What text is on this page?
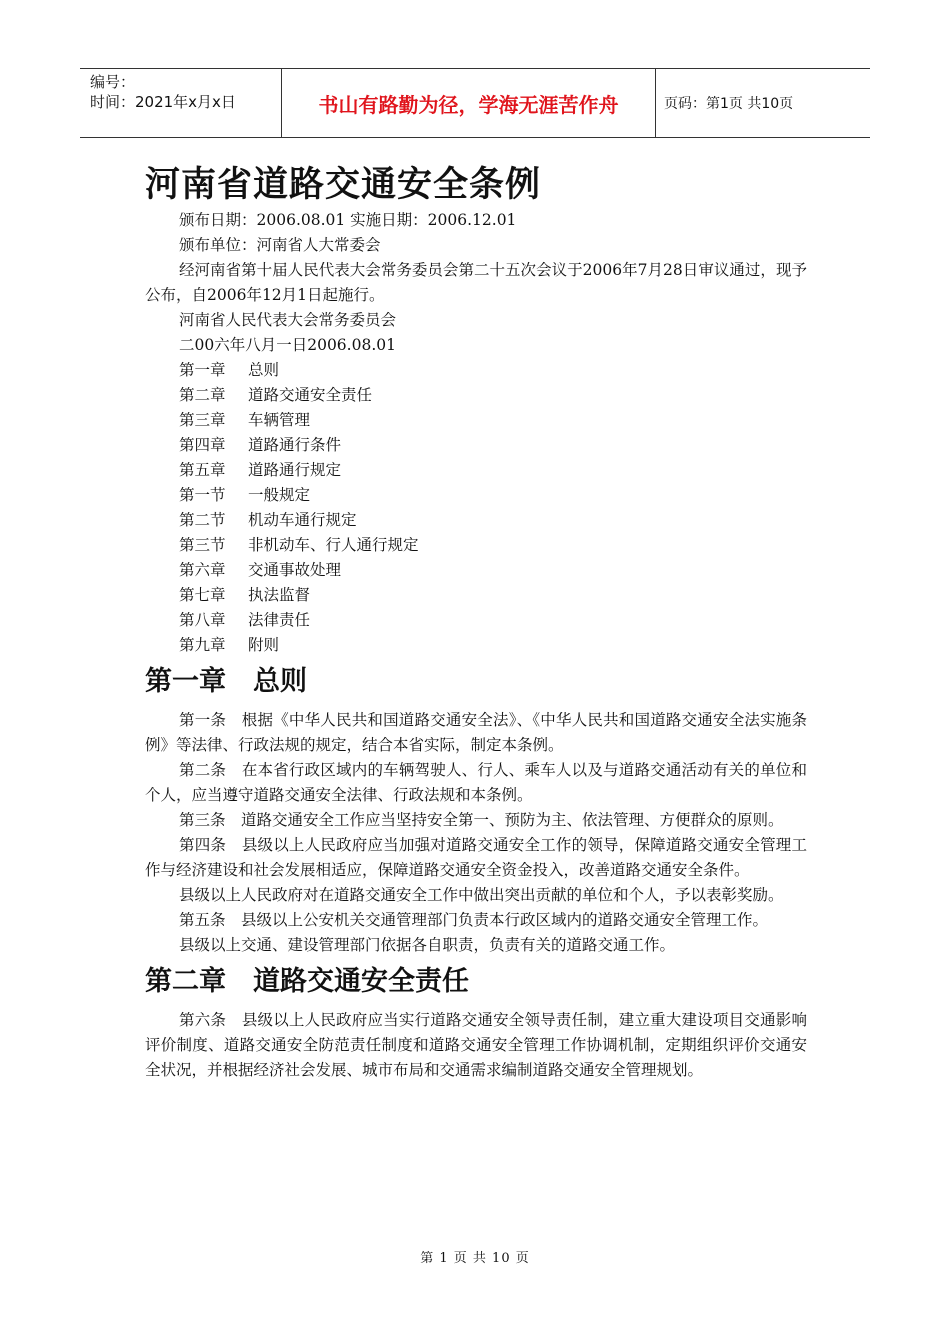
编号：
时间：2021年x月x日	书山有路勤为径，学海无涯苦作舟	页码：第1页 共10页
河南省道路交通安全条例

颁布日期：2006.08.01 实施日期：2006.12.01

颁布单位：河南省人大常委会

经河南省第十届人民代表大会常务委员会第二十五次会议于2006年7月28日审议通过，现予公布，自2006年12月1日起施行。

河南省人民代表大会常务委员会

二00六年八月一日2006.08.01

第一章 总则
第二章 道路交通安全责任
第三章 车辆管理
第四章 道路通行条件
第五章 道路通行规定
第一节 一般规定
第二节 机动车通行规定
第三节 非机动车、行人通行规定
第六章 交通事故处理
第七章 执法监督
第八章 法律责任
第九章 附则
第一章　总则

第一条　根据《中华人民共和国道路交通安全法》、《中华人民共和国道路交通安全法实施条例》等法律、行政法规的规定，结合本省实际，制定本条例。

第二条　在本省行政区域内的车辆驾驶人、行人、乘车人以及与道路交通活动有关的单位和个人，应当遵守道路交通安全法律、行政法规和本条例。

第三条　道路交通安全工作应当坚持安全第一、预防为主、依法管理、方便群众的原则。

第四条　县级以上人民政府应当加强对道路交通安全工作的领导，保障道路交通安全管理工作与经济建设和社会发展相适应，保障道路交通安全资金投入，改善道路交通安全条件。

县级以上人民政府对在道路交通安全工作中做出突出贡献的单位和个人，予以表彰奖励。

第五条　县级以上公安机关交通管理部门负责本行政区域内的道路交通安全管理工作。

县级以上交通、建设管理部门依据各自职责，负责有关的道路交通工作。

第二章　道路交通安全责任

第六条　县级以上人民政府应当实行道路交通安全领导责任制，建立重大建设项目交通影响评价制度、道路交通安全防范责任制度和道路交通安全管理工作协调机制，定期组织评价交通安全状况，并根据经济社会发展、城市布局和交通需求编制道路交通安全管理规划。

第 1 页 共 10 页
